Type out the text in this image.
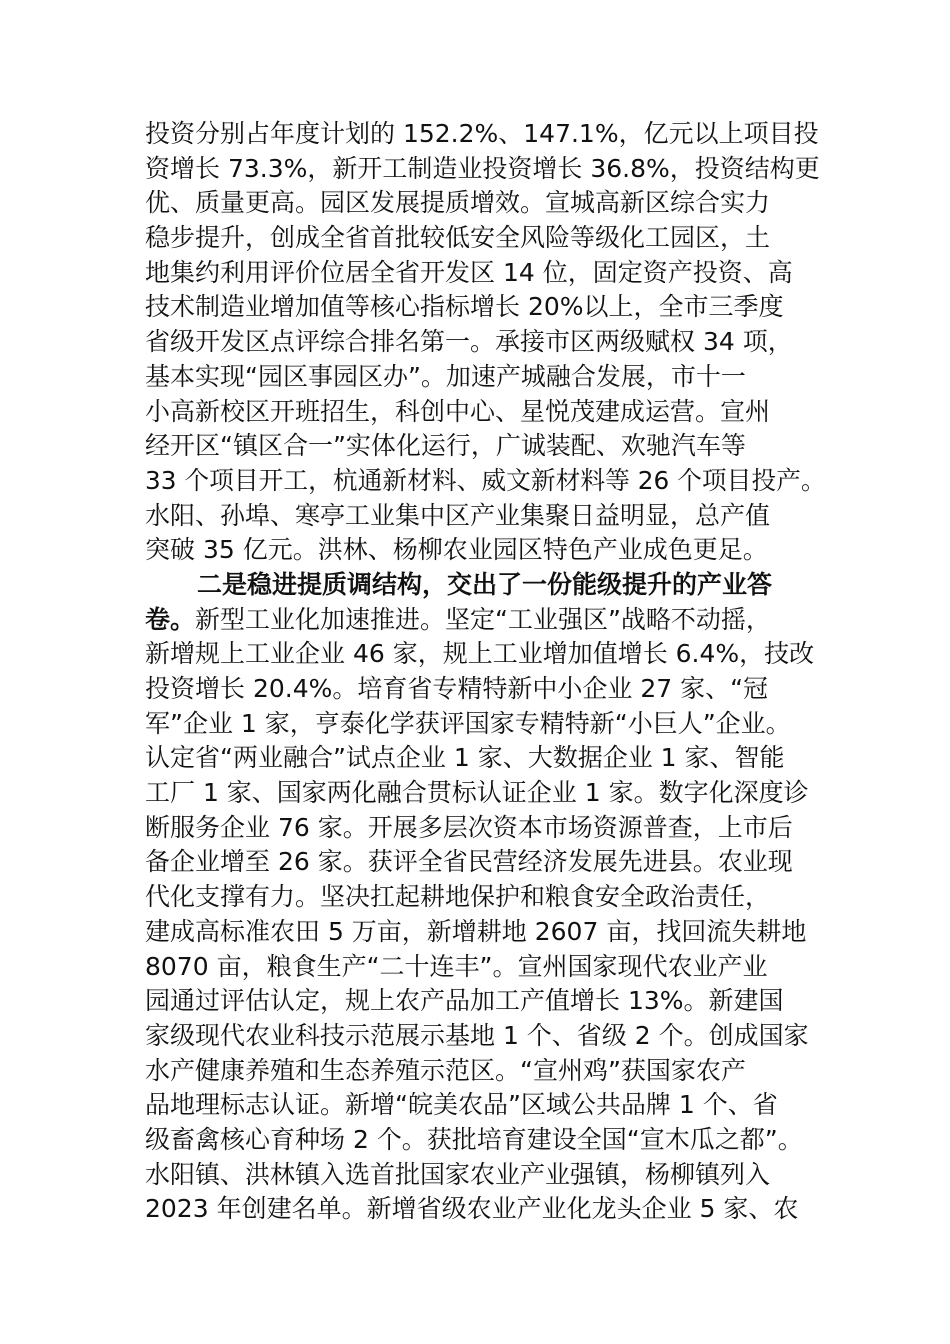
投资分别占年度计划的 152.2%、147.1%，亿元以上项目投
资增长 73.3%，新开工制造业投资增长 36.8%，投资结构更
优、质量更高。园区发展提质增效。宣城高新区综合实力
稳步提升，创成全省首批较低安全风险等级化工园区，土
地集约利用评价位居全省开发区 14 位，固定资产投资、高
技术制造业增加值等核心指标增长 20%以上，全市三季度
省级开发区点评综合排名第一。承接市区两级赋权 34 项，
基本实现“园区事园区办”。加速产城融合发展，市十一
小高新校区开班招生，科创中心、星悦茂建成运营。宣州
经开区“镇区合一”实体化运行，广诚装配、欢驰汽车等
33 个项目开工，杭通新材料、威文新材料等 26 个项目投产。
水阳、孙埠、寒亭工业集中区产业集聚日益明显，总产值
突破 35 亿元。洪林、杨柳农业园区特色产业成色更足。
二是稳进提质调结构，交出了一份能级提升的产业答
卷。新型工业化加速推进。坚定“工业强区”战略不动摇，
新增规上工业企业 46 家，规上工业增加值增长 6.4%，技改
投资增长 20.4%。培育省专精特新中小企业 27 家、“冠
军”企业 1 家，亨泰化学获评国家专精特新“小巨人”企业。
认定省“两业融合”试点企业 1 家、大数据企业 1 家、智能
工厂 1 家、国家两化融合贯标认证企业 1 家。数字化深度诊
断服务企业 76 家。开展多层次资本市场资源普查，上市后
备企业增至 26 家。获评全省民营经济发展先进县。农业现
代化支撑有力。坚决扛起耕地保护和粮食安全政治责任，
建成高标准农田 5 万亩，新增耕地 2607 亩，找回流失耕地
8070 亩，粮食生产“二十连丰”。宣州国家现代农业产业
园通过评估认定，规上农产品加工产值增长 13%。新建国
家级现代农业科技示范展示基地 1 个、省级 2 个。创成国家
水产健康养殖和生态养殖示范区。“宣州鸡”获国家农产
品地理标志认证。新增“皖美农品”区域公共品牌 1 个、省
级畜禽核心育种场 2 个。获批培育建设全国“宣木瓜之都”。
水阳镇、洪林镇入选首批国家农业产业强镇，杨柳镇列入
2023 年创建名单。新增省级农业产业化龙头企业 5 家、农
